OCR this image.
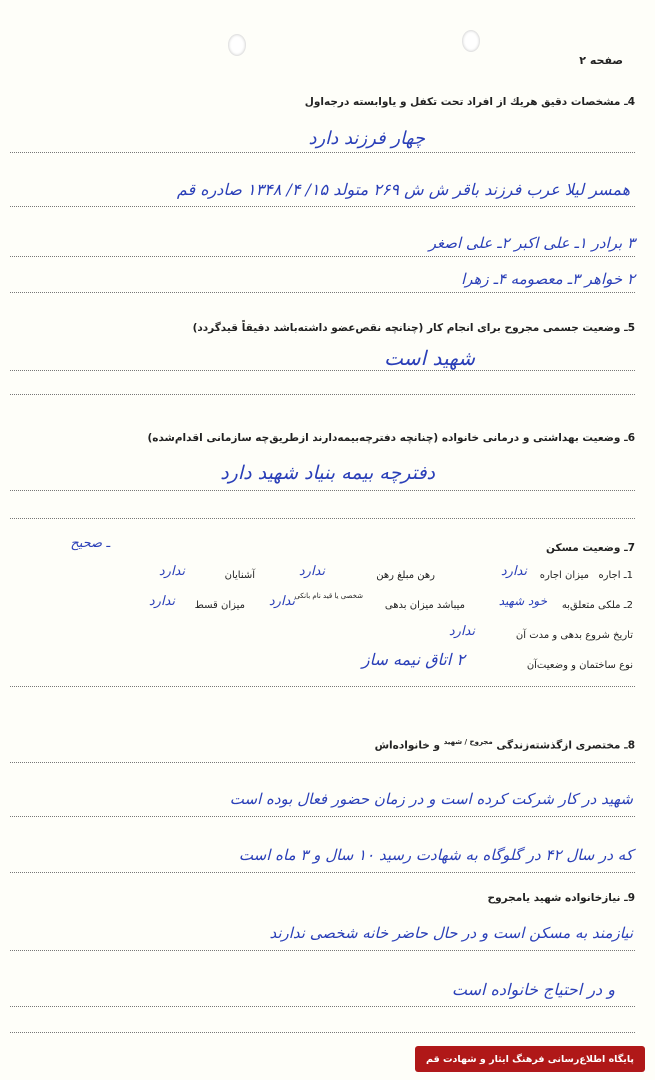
صفحه ۲
4ـ مشخصات دقیق هریك از افراد تحت تكفل و یاوابسته درجه‌اول
چهار فرزند دارد
همسر لیلا عرب فرزند باقر ش ش ۲۶۹ متولد ۱۵/ ۴/ ۱۳۴۸ صادره قم
۳ برادر ۱ـ علی اکبر ۲ـ علی اصغر
۲ خواهر ۳ـ معصومه ۴ـ زهرا
5ـ وضعیت جسمی مجروح برای انجام كار (چنانچه نقص‌عضو داشته‌باشد دقیقاً قیدگردد)
شهید است
6ـ وضعیت بهداشتی و درمانی خانواده (چنانچه دفترچه‌بیمه‌دارند ازطریق‌چه سازمانی اقدام‌شده)
دفترچه بیمه بنیاد شهید دارد
7ـ وضعیت مسكن
ـ صحیح
1ـ اجاره
میزان اجاره
ندارد
رهن مبلغ رهن
ندارد
آشنایان
ندارد
2ـ ملكی متعلق‌به
خود شهید
میباشد میزان بدهی
شخصی یا قید نام بانکی
ندارد
میزان قسط
ندارد
تاریخ شروع بدهی و مدت آن
ندارد
نوع ساختمان و وضعیت‌آن
۲ اتاق نیمه ساز
8ـ مختصری ازگذشته‌زندگی $^{مجروح / شهید}$ و خانواده‌اش
شهید در کار شرکت کرده است و در زمان حضور فعال بوده است
که در سال ۴۲ در گلوگاه به شهادت رسید ۱۰ سال و ۳ ماه است
9ـ نیازخانواده شهید یامجروح
نیازمند به مسکن است و در حال حاضر خانه شخصی ندارند
و در احتیاج خانواده است
پایگاه اطلاع‌رسانی فرهنگ ایثار و شهادت قم
